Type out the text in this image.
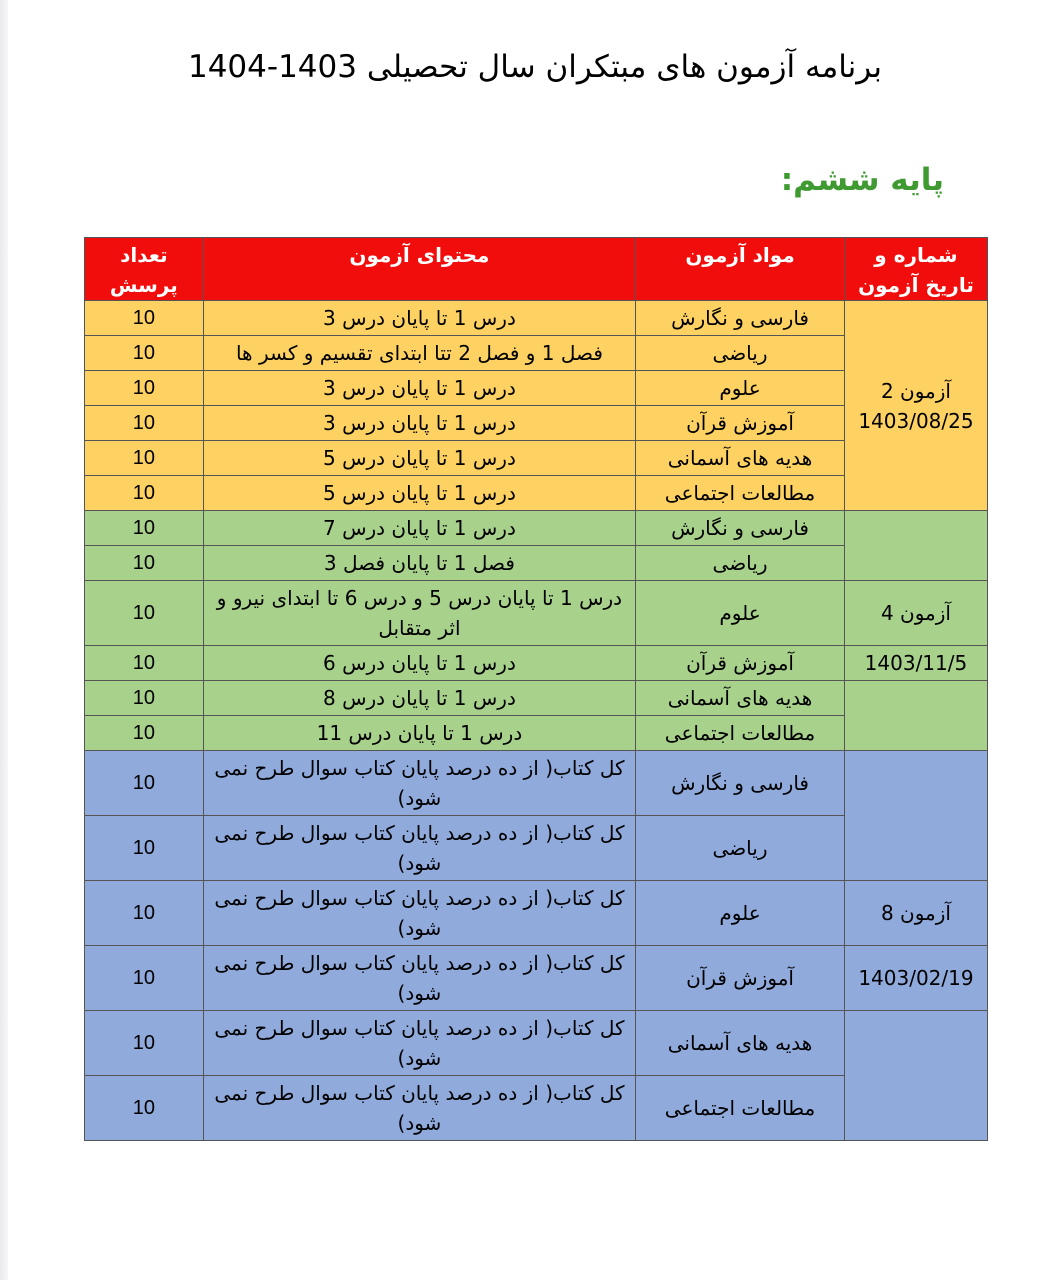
برنامه آزمون های مبتکران سال تحصیلی 1403-1404
پایه ششم:
شماره و تاریخ آزمون	مواد آزمون	محتوای آزمون	تعداد پرسش

آزمون 2
1403/08/25	فارسی و نگارش	درس 1 تا پایان درس 3	10
	ریاضی	فصل 1 و فصل 2 تتا ابتدای تقسیم و کسر ها	10
	علوم	درس 1 تا پایان درس 3	10
	آموزش قرآن	درس 1 تا پایان درس 3	10
	هدیه های آسمانی	درس 1 تا پایان درس 5	10
	مطالعات اجتماعی	درس 1 تا پایان درس 5	10
	فارسی و نگارش	درس 1 تا پایان درس 7	10
	ریاضی	فصل 1 تا پایان فصل 3	10
آزمون 4	علوم	درس 1 تا پایان درس 5 و درس 6 تا ابتدای نیرو و اثر متقابل	10
1403/11/5	آموزش قرآن	درس 1 تا پایان درس 6	10
	هدیه های آسمانی	درس 1 تا پایان درس 8	10
	مطالعات اجتماعی	درس 1 تا پایان درس 11	10
	فارسی و نگارش	کل کتاب( از ده درصد پایان کتاب سوال طرح نمی شود)	10
	ریاضی	کل کتاب( از ده درصد پایان کتاب سوال طرح نمی شود)	10
آزمون 8	علوم	کل کتاب( از ده درصد پایان کتاب سوال طرح نمی شود)	10
1403/02/19	آموزش قرآن	کل کتاب( از ده درصد پایان کتاب سوال طرح نمی شود)	10
	هدیه های آسمانی	کل کتاب( از ده درصد پایان کتاب سوال طرح نمی شود)	10
	مطالعات اجتماعی	کل کتاب( از ده درصد پایان کتاب سوال طرح نمی شود)	10
